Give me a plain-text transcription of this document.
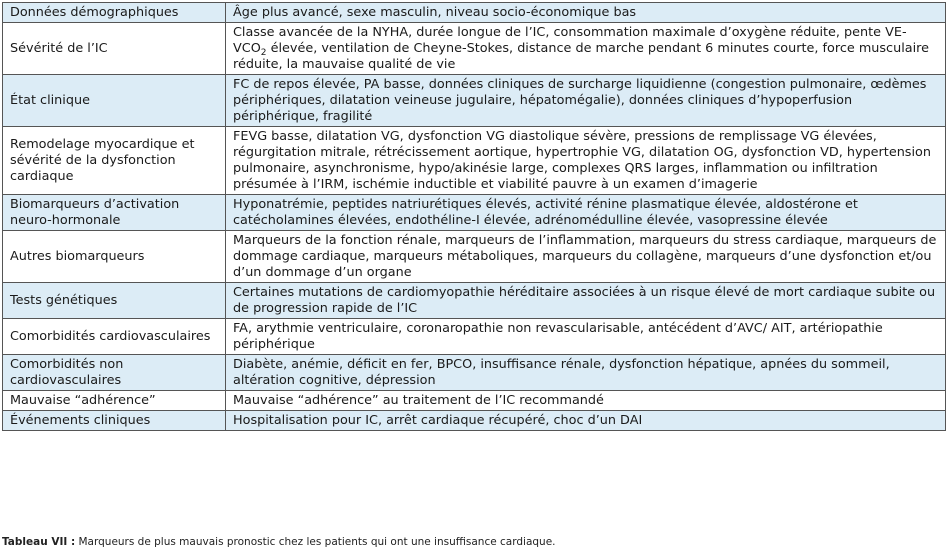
Données démographiques	Âge plus avancé, sexe masculin, niveau socio-économique bas
Sévérité de l’IC	Classe avancée de la NYHA, durée longue de l’IC, consommation maximale d’oxygène réduite, pente $VE-VCO_2$ élevée, ventilation de Cheyne-Stokes, distance de marche pendant 6 minutes courte, force musculaire réduite, la mauvaise qualité de vie
État clinique	FC de repos élevée, PA basse, données cliniques de surcharge liquidienne (congestion pulmonaire, œdèmes périphériques, dilatation veineuse jugulaire, hépatomégalie), données cliniques d’hypoperfusion périphérique, fragilité
Remodelage myocardique et sévérité de la dysfonction cardiaque	FEVG basse, dilatation VG, dysfonction VG diastolique sévère, pressions de remplissage VG élevées, régurgitation mitrale, rétrécissement aortique, hypertrophie VG, dilatation OG, dysfonction VD, hypertension pulmonaire, asynchronisme, hypo/akinésie large, complexes QRS larges, inflammation ou infiltration présumée à l’IRM, ischémie inductible et viabilité pauvre à un examen d’imagerie
Biomarqueurs d’activation neuro-hormonale	Hyponatrémie, peptides natriurétiques élevés, activité rénine plasmatique élevée, aldostérone et catécholamines élevées, endothéline-I élevée, adrénomédulline élevée, vasopressine élevée
Autres biomarqueurs	Marqueurs de la fonction rénale, marqueurs de l’inflammation, marqueurs du stress cardiaque, marqueurs de dommage cardiaque, marqueurs métaboliques, marqueurs du collagène, marqueurs d’une dysfonction et/ou d’un dommage d’un organe
Tests génétiques	Certaines mutations de cardiomyopathie héréditaire associées à un risque élevé de mort cardiaque subite ou de progression rapide de l’IC
Comorbidités cardiovasculaires	FA, arythmie ventriculaire, coronaropathie non revascularisable, antécédent d’AVC/ AIT, artériopathie périphérique
Comorbidités non cardiovasculaires	Diabète, anémie, déficit en fer, BPCO, insuffisance rénale, dysfonction hépatique, apnées du sommeil, altération cognitive, dépression
Mauvaise “adhérence”	Mauvaise “adhérence” au traitement de l’IC recommandé
Événements cliniques	Hospitalisation pour IC, arrêt cardiaque récupéré, choc d’un DAI
Tableau VII : Marqueurs de plus mauvais pronostic chez les patients qui ont une insuffisance cardiaque.
